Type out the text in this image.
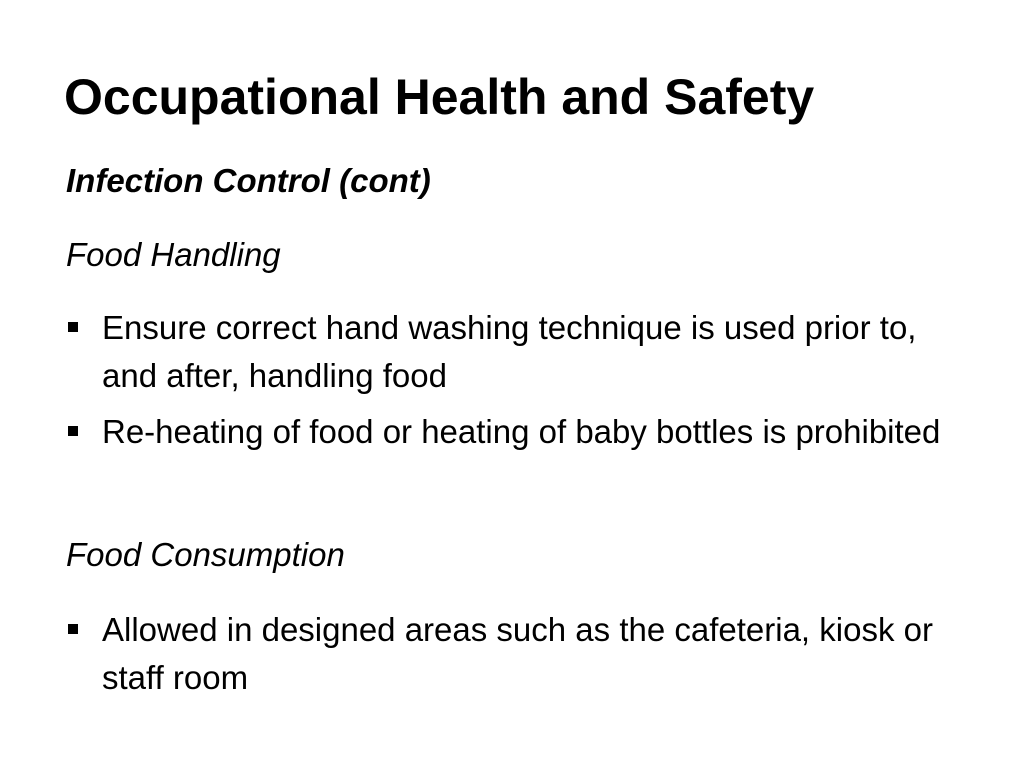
Occupational Health and Safety
Infection Control (cont)
Food Handling
Ensure correct hand washing technique is used prior to, and after, handling food
Re-heating of food or heating of baby bottles is prohibited
Food Consumption
Allowed in designed areas such as the cafeteria, kiosk or staff room
